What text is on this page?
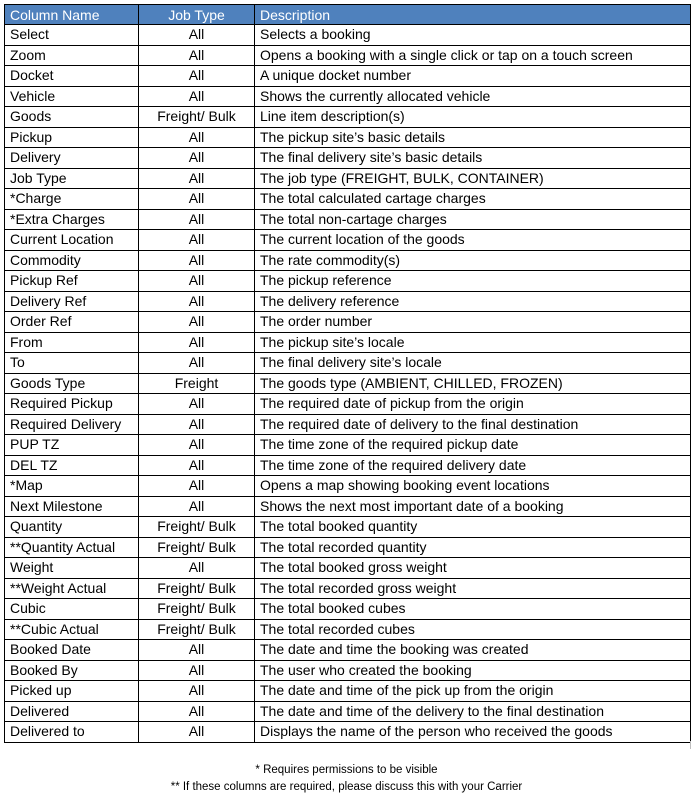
Column Name	Job Type	Description
Select	All	Selects a booking
Zoom	All	Opens a booking with a single click or tap on a touch screen
Docket	All	A unique docket number
Vehicle	All	Shows the currently allocated vehicle
Goods	Freight/ Bulk	Line item description(s)
Pickup	All	The pickup site’s basic details
Delivery	All	The final delivery site’s basic details
Job Type	All	The job type (FREIGHT, BULK, CONTAINER)
*Charge	All	The total calculated cartage charges
*Extra Charges	All	The total non-cartage charges
Current Location	All	The current location of the goods
Commodity	All	The rate commodity(s)
Pickup Ref	All	The pickup reference
Delivery Ref	All	The delivery reference
Order Ref	All	The order number
From	All	The pickup site’s locale
To	All	The final delivery site’s locale
Goods Type	Freight	The goods type (AMBIENT, CHILLED, FROZEN)
Required Pickup	All	The required date of pickup from the origin
Required Delivery	All	The required date of delivery to the final destination
PUP TZ	All	The time zone of the required pickup date
DEL TZ	All	The time zone of the required delivery date
*Map	All	Opens a map showing booking event locations
Next Milestone	All	Shows the next most important date of a booking
Quantity	Freight/ Bulk	The total booked quantity
**Quantity Actual	Freight/ Bulk	The total recorded quantity
Weight	All	The total booked gross weight
**Weight Actual	Freight/ Bulk	The total recorded gross weight
Cubic	Freight/ Bulk	The total booked cubes
**Cubic Actual	Freight/ Bulk	The total recorded cubes
Booked Date	All	The date and time the booking was created
Booked By	All	The user who created the booking
Picked up	All	The date and time of the pick up from the origin
Delivered	All	The date and time of the delivery to the final destination
Delivered to	All	Displays the name of the person who received the goods
* Requires permissions to be visible
** If these columns are required, please discuss this with your Carrier
